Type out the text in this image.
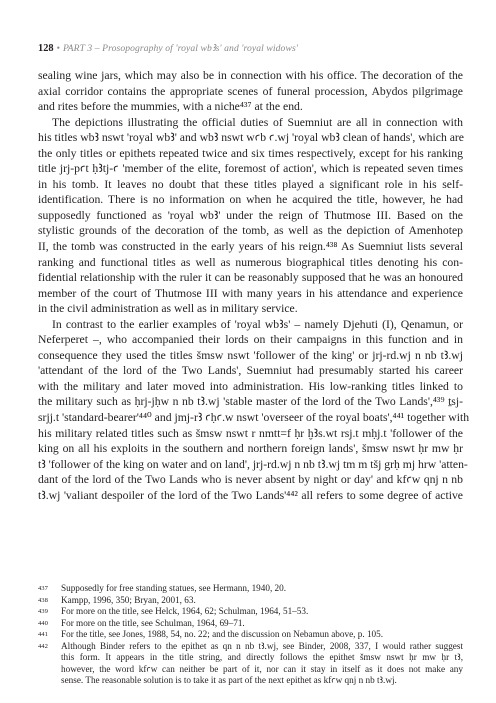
128 • PART 3 – Prosopography of 'royal wbꜢs' and 'royal widows'

sealing wine jars, which may also be in connection with his office. The decoration of the
axial corridor contains the appropriate scenes of funeral procession, Abydos pilgrimage
and rites before the mummies, with a niche⁴³⁷ at the end.

The depictions illustrating the official duties of Suemniut are all in connection with
his titles wbꜢ nswt 'royal wbꜢ' and wbꜢ nswt wꜥb ꜥ.wj 'royal wbꜢ clean of hands', which are
the only titles or epithets repeated twice and six times respectively, except for his ranking
title jrj-pꜥt ḥꜢtj-ꜥ 'member of the elite, foremost of action', which is repeated seven times
in his tomb. It leaves no doubt that these titles played a significant role in his self-
identification. There is no information on when he acquired the title, however, he had
supposedly functioned as 'royal wbꜢ' under the reign of Thutmose III. Based on the
stylistic grounds of the decoration of the tomb, as well as the depiction of Amenhotep
II, the tomb was constructed in the early years of his reign.⁴³⁸ As Suemniut lists several
ranking and functional titles as well as numerous biographical titles denoting his con-
fidential relationship with the ruler it can be reasonably supposed that he was an honoured
member of the court of Thutmose III with many years in his attendance and experience
in the civil administration as well as in military service.

In contrast to the earlier examples of 'royal wbꜢs' – namely Djehuti (I), Qenamun, or
Neferperet –, who accompanied their lords on their campaigns in this function and in
consequence they used the titles šmsw nswt 'follower of the king' or jrj-rd.wj n nb tꜢ.wj
'attendant of the lord of the Two Lands', Suemniut had presumably started his career
with the military and later moved into administration. His low-ranking titles linked to
the military such as ḥrj-jḥw n nb tꜢ.wj 'stable master of the lord of the Two Lands',⁴³⁹ ṯsj-
srjj.t 'standard-bearer'⁴⁴⁰ and jmj-rꜢ ꜥḥꜥ.w nswt 'overseer of the royal boats',⁴⁴¹ together with
his military related titles such as šmsw nswt r nmtt=f ḥr ḫꜢs.wt rsj.t mḥj.t 'follower of the
king on all his exploits in the southern and northern foreign lands', šmsw nswt ḥr mw ḥr
tꜢ 'follower of the king on water and on land', jrj-rd.wj n nb tꜢ.wj tm m tšj grḥ mj hrw 'atten-
dant of the lord of the Two Lands who is never absent by night or day' and kfꜥw qnj n nb
tꜢ.wj 'valiant despoiler of the lord of the Two Lands'⁴⁴² all refers to some degree of active

437 Supposedly for free standing statues, see Hermann, 1940, 20.
438 Kampp, 1996, 350; Bryan, 2001, 63.
439 For more on the title, see Helck, 1964, 62; Schulman, 1964, 51–53.
440 For more on the title, see Schulman, 1964, 69–71.
441 For the title, see Jones, 1988, 54, no. 22; and the discussion on Nebamun above, p. 105.
442 Although Binder refers to the epithet as qn n nb tꜢ.wj, see Binder, 2008, 337, I would rather suggest
this form. It appears in the title string, and directly follows the epithet šmsw nswt ḥr mw ḥr tꜢ,
however, the word kfꜥw can neither be part of it, nor can it stay in itself as it does not make any
sense. The reasonable solution is to take it as part of the next epithet as kfꜥw qnj n nb tꜢ.wj.
